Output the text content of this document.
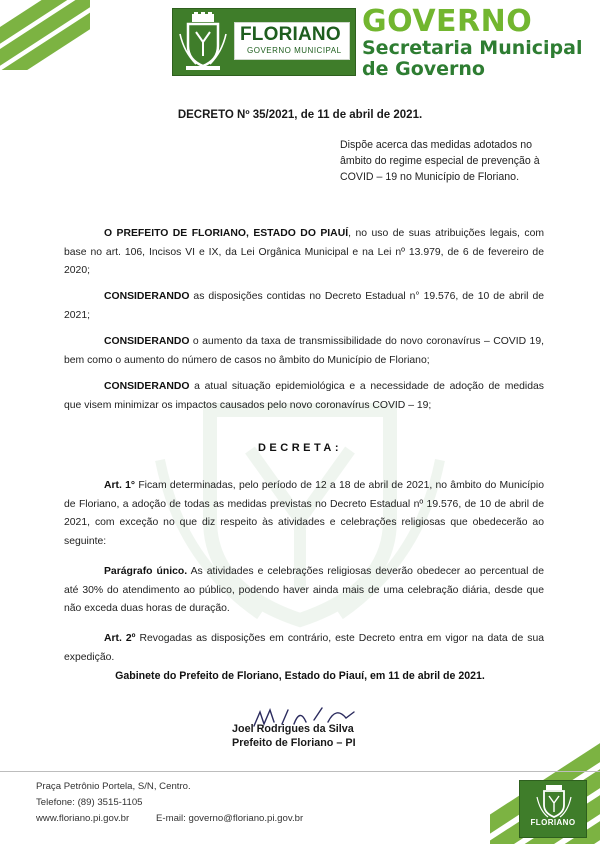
FLORIANO
GOVERNO MUNICIPAL
GOVERNO
Secretaria Municipal
de Governo
DECRETO Nº 35/2021, de 11 de abril de 2021.
Dispõe acerca das medidas adotados no âmbito do regime especial de prevenção à COVID – 19 no Município de Floriano.
O PREFEITO DE FLORIANO, ESTADO DO PIAUÍ, no uso de suas atribuições legais, com base no art. 106, Incisos VI e IX, da Lei Orgânica Municipal e na Lei nº 13.979, de 6 de fevereiro de 2020;
CONSIDERANDO as disposições contidas no Decreto Estadual n° 19.576, de 10 de abril de 2021;
CONSIDERANDO o aumento da taxa de transmissibilidade do novo coronavírus – COVID 19, bem como o aumento do número de casos no âmbito do Município de Floriano;
CONSIDERANDO a atual situação epidemiológica e a necessidade de adoção de medidas que visem minimizar os impactos causados pelo novo coronavírus COVID – 19;
DECRETA:
Art. 1° Ficam determinadas, pelo período de 12 a 18 de abril de 2021, no âmbito do Município de Floriano, a adoção de todas as medidas previstas no Decreto Estadual nº 19.576, de 10 de abril de 2021, com exceção no que diz respeito às atividades e celebrações religiosas que obedecerão ao seguinte:
Parágrafo único. As atividades e celebrações religiosas deverão obedecer ao percentual de até 30% do atendimento ao público, podendo haver ainda mais de uma celebração diária, desde que não exceda duas horas de duração.
Art. 2º Revogadas as disposições em contrário, este Decreto entra em vigor na data de sua expedição.
Gabinete do Prefeito de Floriano, Estado do Piauí, em 11 de abril de 2021.
Joel Rodrigues da Silva
Prefeito de Floriano – PI
Praça Petrônio Portela, S/N, Centro.
Telefone: (89) 3515-1105
www.floriano.pi.gov.br	E-mail: governo@floriano.pi.gov.br	FLORIANO
